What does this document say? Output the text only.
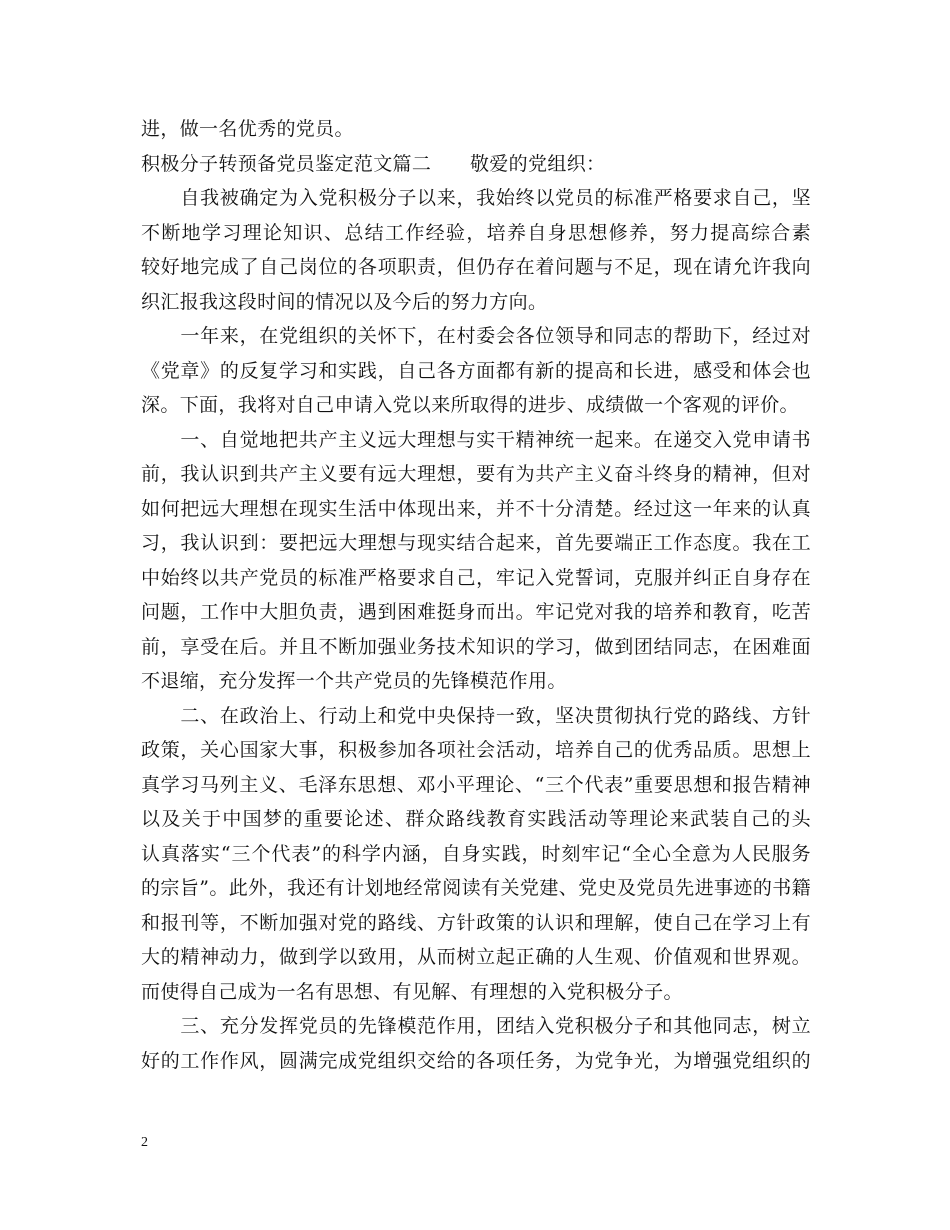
进，做一名优秀的党员。
积极分子转预备党员鉴定范文篇二　　敬爱的党组织：
　　自我被确定为入党积极分子以来，我始终以党员的标准严格要求自己，坚
不断地学习理论知识、总结工作经验，培养自身思想修养，努力提高综合素
较好地完成了自己岗位的各项职责，但仍存在着问题与不足，现在请允许我向
织汇报我这段时间的情况以及今后的努力方向。
　　一年来，在党组织的关怀下，在村委会各位领导和同志的帮助下，经过对
《党章》的反复学习和实践，自己各方面都有新的提高和长进，感受和体会也
深。下面，我将对自己申请入党以来所取得的进步、成绩做一个客观的评价。
　　一、自觉地把共产主义远大理想与实干精神统一起来。在递交入党申请书
前，我认识到共产主义要有远大理想，要有为共产主义奋斗终身的精神，但对
如何把远大理想在现实生活中体现出来，并不十分清楚。经过这一年来的认真
习，我认识到：要把远大理想与现实结合起来，首先要端正工作态度。我在工
中始终以共产党员的标准严格要求自己，牢记入党誓词，克服并纠正自身存在
问题，工作中大胆负责，遇到困难挺身而出。牢记党对我的培养和教育，吃苦
前，享受在后。并且不断加强业务技术知识的学习，做到团结同志，在困难面
不退缩，充分发挥一个共产党员的先锋模范作用。
　　二、在政治上、行动上和党中央保持一致，坚决贯彻执行党的路线、方针
政策，关心国家大事，积极参加各项社会活动，培养自己的优秀品质。思想上
真学习马列主义、毛泽东思想、邓小平理论、“三个代表”重要思想和报告精神
以及关于中国梦的重要论述、群众路线教育实践活动等理论来武装自己的头
认真落实“三个代表”的科学内涵，自身实践，时刻牢记“全心全意为人民服务
的宗旨”。此外，我还有计划地经常阅读有关党建、党史及党员先进事迹的书籍
和报刊等，不断加强对党的路线、方针政策的认识和理解，使自己在学习上有
大的精神动力，做到学以致用，从而树立起正确的人生观、价值观和世界观。
而使得自己成为一名有思想、有见解、有理想的入党积极分子。
　　三、充分发挥党员的先锋模范作用，团结入党积极分子和其他同志，树立
好的工作作风，圆满完成党组织交给的各项任务，为党争光，为增强党组织的
2
